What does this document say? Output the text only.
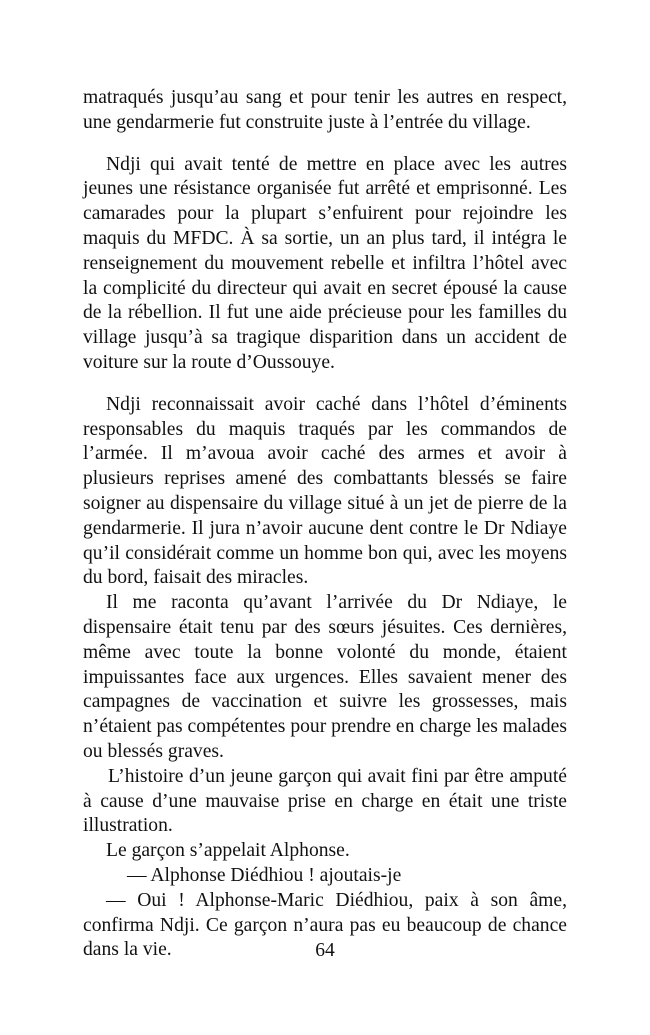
matraqués jusqu’au sang et pour tenir les autres en respect, une gendarmerie fut construite juste à l’entrée du village.

Ndji qui avait tenté de mettre en place avec les autres jeunes une résistance organisée fut arrêté et emprisonné. Les camarades pour la plupart s’enfuirent pour rejoindre les maquis du MFDC. À sa sortie, un an plus tard, il intégra le renseignement du mouvement rebelle et infiltra l’hôtel avec la complicité du directeur qui avait en secret épousé la cause de la rébellion. Il fut une aide précieuse pour les familles du village jusqu’à sa tragique disparition dans un accident de voiture sur la route d’Oussouye.

Ndji reconnaissait avoir caché dans l’hôtel d’éminents responsables du maquis traqués par les commandos de l’armée. Il m’avoua avoir caché des armes et avoir à plusieurs reprises amené des combattants blessés se faire soigner au dispensaire du village situé à un jet de pierre de la gendarmerie. Il jura n’avoir aucune dent contre le Dr Ndiaye qu’il considérait comme un homme bon qui, avec les moyens du bord, faisait des miracles.

Il me raconta qu’avant l’arrivée du Dr Ndiaye, le dispensaire était tenu par des sœurs jésuites. Ces dernières, même avec toute la bonne volonté du monde, étaient impuissantes face aux urgences. Elles savaient mener des campagnes de vaccination et suivre les grossesses, mais n’étaient pas compétentes pour prendre en charge les malades ou blessés graves.

L’histoire d’un jeune garçon qui avait fini par être amputé à cause d’une mauvaise prise en charge en était une triste illustration.

Le garçon s’appelait Alphonse.

— Alphonse Diédhiou ! ajoutais-je

— Oui ! Alphonse-Maric Diédhiou, paix à son âme, confirma Ndji. Ce garçon n’aura pas eu beaucoup de chance dans la vie.	64
